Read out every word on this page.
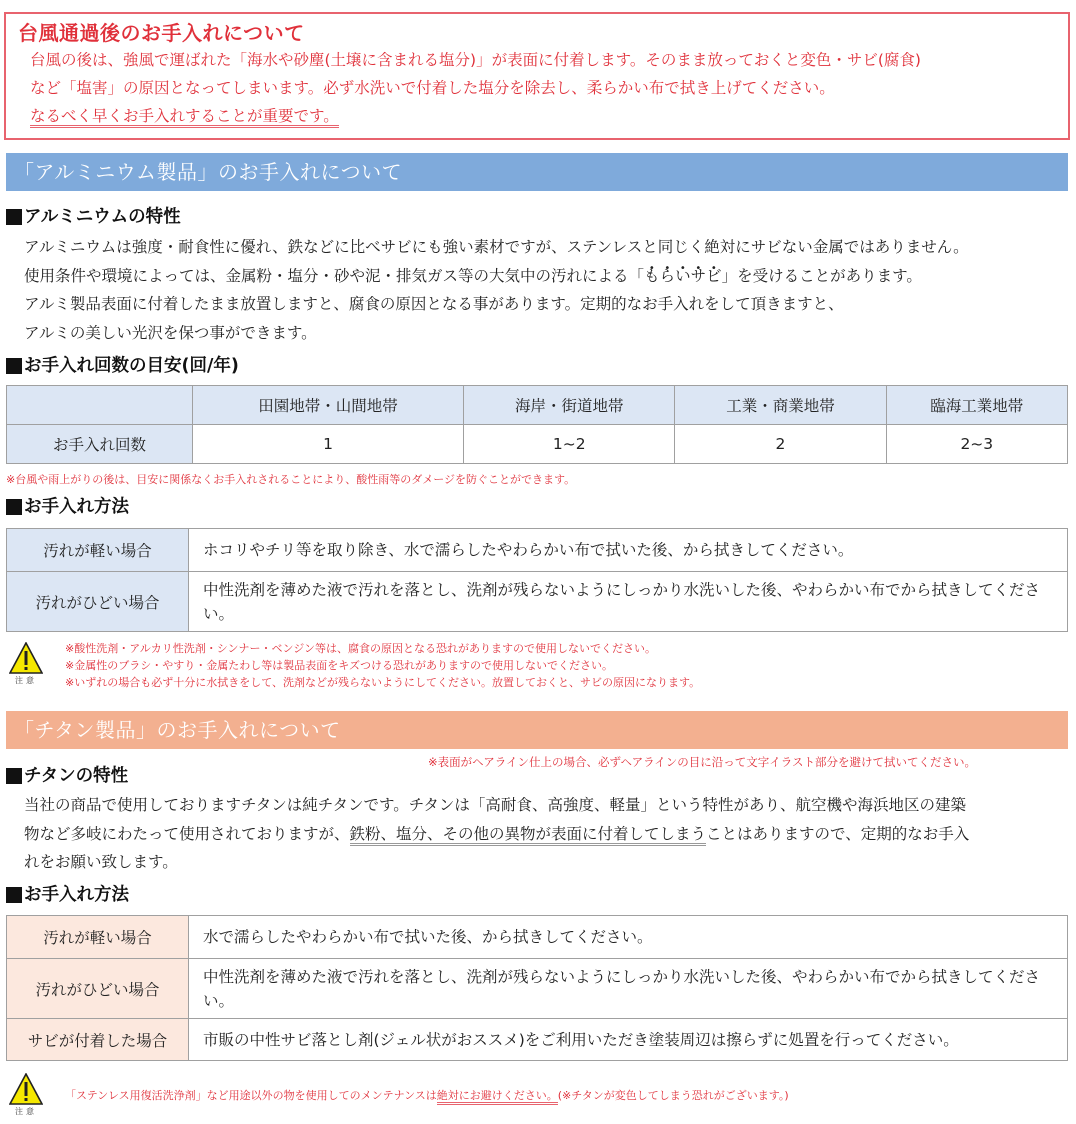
台風通過後のお手入れについて
台風の後は、強風で運ばれた「海水や砂塵(土壌に含まれる塩分)」が表面に付着します。そのまま放っておくと変色・サビ(腐食)
など「塩害」の原因となってしまいます。必ず水洗いで付着した塩分を除去し、柔らかい布で拭き上げてください。
なるべく早くお手入れすることが重要です。
「アルミニウム製品」のお手入れについて
アルミニウムの特性
アルミニウムは強度・耐食性に優れ、鉄などに比べサビにも強い素材ですが、ステンレスと同じく絶対にサビない金属ではありません。
使用条件や環境によっては、金属粉・塩分・砂や泥・排気ガス等の大気中の汚れによる「もらいサビ」を受けることがあります。
アルミ製品表面に付着したまま放置しますと、腐食の原因となる事があります。定期的なお手入れをして頂きますと、
アルミの美しい光沢を保つ事ができます。
お手入れ回数の目安(回/年)
	田園地帯・山間地帯	海岸・街道地帯	工業・商業地帯	臨海工業地帯
お手入れ回数	1	1~2	2	2~3
※台風や雨上がりの後は、目安に関係なくお手入れされることにより、酸性雨等のダメージを防ぐことができます。
お手入れ方法
汚れが軽い場合	ホコリやチリ等を取り除き、水で濡らしたやわらかい布で拭いた後、から拭きしてください。
汚れがひどい場合	中性洗剤を薄めた液で汚れを落とし、洗剤が残らないようにしっかり水洗いした後、やわらかい布でから拭きしてください。
注意
※酸性洗剤・アルカリ性洗剤・シンナー・ベンジン等は、腐食の原因となる恐れがありますので使用しないでください。
※金属性のブラシ・やすり・金属たわし等は製品表面をキズつける恐れがありますので使用しないでください。
※いずれの場合も必ず十分に水拭きをして、洗剤などが残らないようにしてください。放置しておくと、サビの原因になります。
「チタン製品」のお手入れについて
※表面がヘアライン仕上の場合、必ずヘアラインの目に沿って文字イラスト部分を避けて拭いてください。
チタンの特性
当社の商品で使用しておりますチタンは純チタンです。チタンは「高耐食、高強度、軽量」という特性があり、航空機や海浜地区の建築
物など多岐にわたって使用されておりますが、鉄粉、塩分、その他の異物が表面に付着してしまうことはありますので、定期的なお手入
れをお願い致します。
お手入れ方法
汚れが軽い場合	水で濡らしたやわらかい布で拭いた後、から拭きしてください。
汚れがひどい場合	中性洗剤を薄めた液で汚れを落とし、洗剤が残らないようにしっかり水洗いした後、やわらかい布でから拭きしてください。
サビが付着した場合	市販の中性サビ落とし剤(ジェル状がおススメ)をご利用いただき塗装周辺は擦らずに処置を行ってください。
注意
「ステンレス用復活洗浄剤」など用途以外の物を使用してのメンテナンスは絶対にお避けください。(※チタンが変色してしまう恐れがございます。)
